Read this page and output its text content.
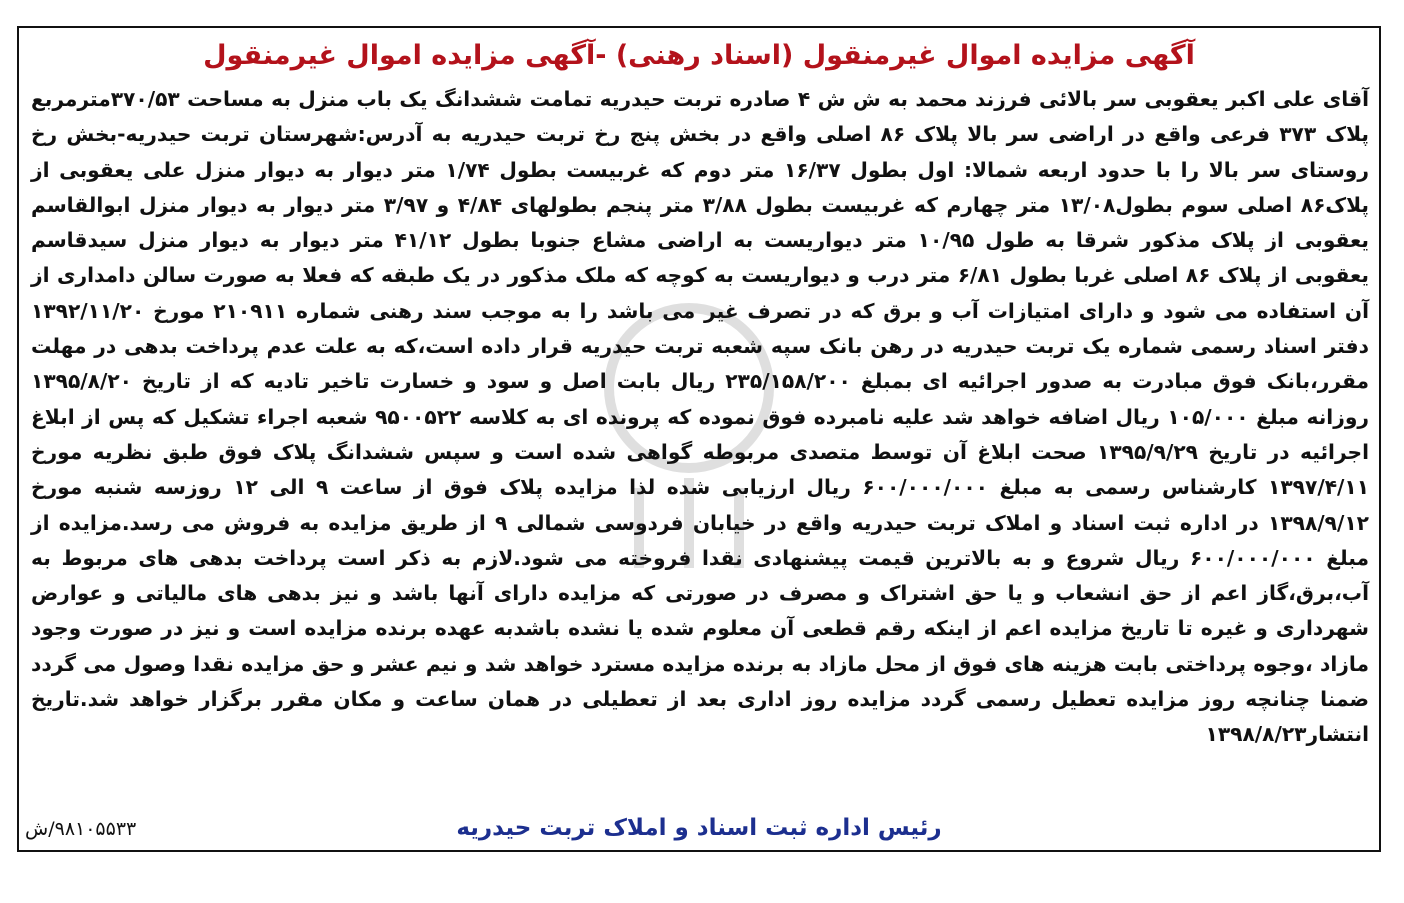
آگهی مزایده اموال غیرمنقول (اسناد رهنی) -آگهی مزایده اموال غیرمنقول

آقای علی اکبر یعقوبی سر بالائی فرزند محمد به ش ش ۴ صادره تربت حیدریه تمامت ششدانگ یک باب منزل به مساحت ۳۷۰/۵۳مترمربع پلاک ۳۷۳ فرعی واقع در اراضی سر بالا پلاک ۸۶ اصلی واقع در بخش پنج رخ تربت حیدریه به آدرس:شهرستان تربت حیدریه-بخش رخ روستای سر بالا را با حدود اربعه شمالا: اول بطول ۱۶/۳۷ متر دوم که غربیست بطول ۱/۷۴ متر دیوار به دیوار منزل علی یعقوبی از پلاک۸۶ اصلی سوم بطول۱۳/۰۸ متر چهارم که غربیست بطول ۳/۸۸ متر پنجم بطولهای ۴/۸۴ و ۳/۹۷ متر دیوار به دیوار منزل ابوالقاسم یعقوبی از پلاک مذکور شرقا به طول ۱۰/۹۵ متر دیواریست به اراضی مشاع جنوبا بطول ۴۱/۱۲ متر دیوار به دیوار منزل سیدقاسم یعقوبی از پلاک ۸۶ اصلی غربا بطول ۶/۸۱ متر درب و دیواریست به کوچه که ملک مذکور در یک طبقه که فعلا به صورت سالن دامداری از آن استفاده می شود و دارای امتیازات آب و برق که در تصرف غیر می باشد را به موجب سند رهنی شماره ۲۱۰۹۱۱ مورخ ۱۳۹۲/۱۱/۲۰ دفتر اسناد رسمی شماره یک تربت حیدریه در رهن بانک سپه شعبه تربت حیدریه قرار داده است،که به علت عدم پرداخت بدهی در مهلت مقرر،بانک فوق مبادرت به صدور اجرائیه ای بمبلغ ۲۳۵/۱۵۸/۲۰۰ ریال بابت اصل و سود و خسارت تاخیر تادیه که از تاریخ ۱۳۹۵/۸/۲۰ روزانه مبلغ ۱۰۵/۰۰۰ ریال اضافه خواهد شد علیه نامبرده فوق نموده که پرونده ای به کلاسه ۹۵۰۰۵۲۲ شعبه اجراء تشکیل که پس از ابلاغ اجرائیه در تاریخ ۱۳۹۵/۹/۲۹ صحت ابلاغ آن توسط متصدی مربوطه گواهی شده است و سپس ششدانگ پلاک فوق طبق نظریه مورخ ۱۳۹۷/۴/۱۱ کارشناس رسمی به مبلغ ۶۰۰/۰۰۰/۰۰۰ ریال ارزیابی شده لذا مزایده پلاک فوق از ساعت ۹ الی ۱۲ روزسه شنبه مورخ ۱۳۹۸/۹/۱۲ در اداره ثبت اسناد و املاک تربت حیدریه واقع در خیابان فردوسی شمالی ۹ از طریق مزایده به فروش می رسد.مزایده از مبلغ ۶۰۰/۰۰۰/۰۰۰ ریال شروع و به بالاترین قیمت پیشنهادی نقدا فروخته می شود.لازم به ذکر است پرداخت بدهی های مربوط به آب،برق،گاز اعم از حق انشعاب و یا حق اشتراک و مصرف در صورتی که مزایده دارای آنها باشد و نیز بدهی های مالیاتی و عوارض شهرداری و غیره تا تاریخ مزایده اعم از اینکه رقم قطعی آن معلوم شده یا نشده باشدبه عهده برنده مزایده است و نیز در صورت وجود مازاد ،وجوه پرداختی بابت هزینه های فوق از محل مازاد به برنده مزایده مسترد خواهد شد و نیم عشر و حق مزایده نقدا وصول می گردد ضمنا چنانچه روز مزایده تعطیل رسمی گردد مزایده روز اداری بعد از تعطیلی در همان ساعت و مکان مقرر برگزار خواهد شد.تاریخ انتشار۱۳۹۸/۸/۲۳

رئیس اداره ثبت اسناد و املاک تربت حیدریه
۹۸۱۰۵۵۳۳/ش
